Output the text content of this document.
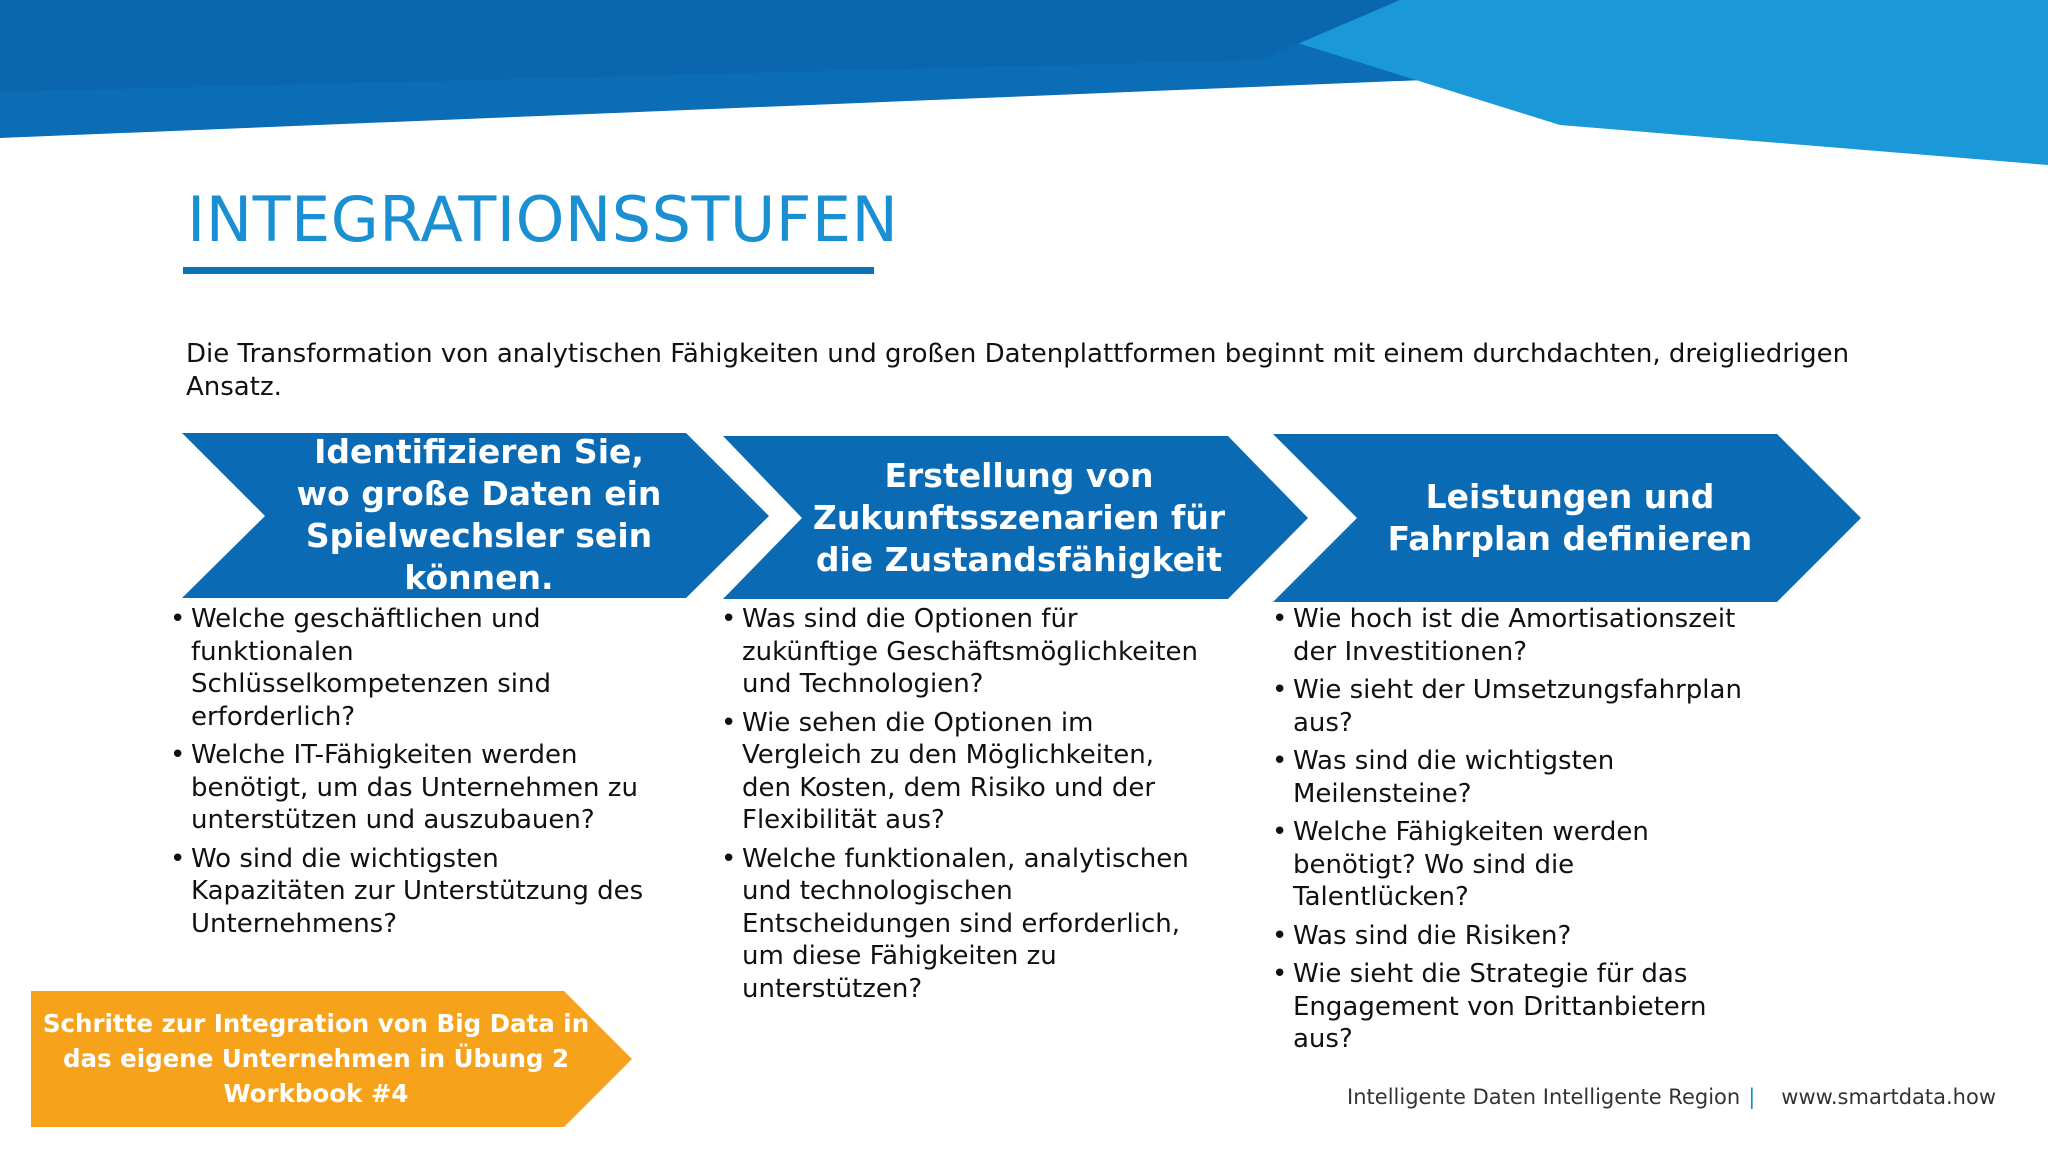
INTEGRATIONSSTUFEN
Die Transformation von analytischen Fähigkeiten und großen Datenplattformen beginnt mit einem durchdachten, dreigliedrigen Ansatz.
Identifizieren Sie, wo große Daten ein Spielwechsler sein können.
Erstellung von Zukunftsszenarien für die Zustandsfähigkeit
Leistungen und Fahrplan definieren
• Welche geschäftlichen und funktionalen Schlüsselkompetenzen sind erforderlich?
• Welche IT-Fähigkeiten werden benötigt, um das Unternehmen zu unterstützen und auszubauen?
• Wo sind die wichtigsten Kapazitäten zur Unterstützung des Unternehmens?
• Was sind die Optionen für zukünftige Geschäftsmöglichkeiten und Technologien?
• Wie sehen die Optionen im Vergleich zu den Möglichkeiten, den Kosten, dem Risiko und der Flexibilität aus?
• Welche funktionalen, analytischen und technologischen Entscheidungen sind erforderlich, um diese Fähigkeiten zu unterstützen?
• Wie hoch ist die Amortisationszeit der Investitionen?
• Wie sieht der Umsetzungsfahrplan aus?
• Was sind die wichtigsten Meilensteine?
• Welche Fähigkeiten werden benötigt? Wo sind die Talentlücken?
• Was sind die Risiken?
• Wie sieht die Strategie für das Engagement von Drittanbietern aus?
Schritte zur Integration von Big Data in das eigene Unternehmen in Übung 2 Workbook #4	Intelligente Daten Intelligente Region | www.smartdata.how
